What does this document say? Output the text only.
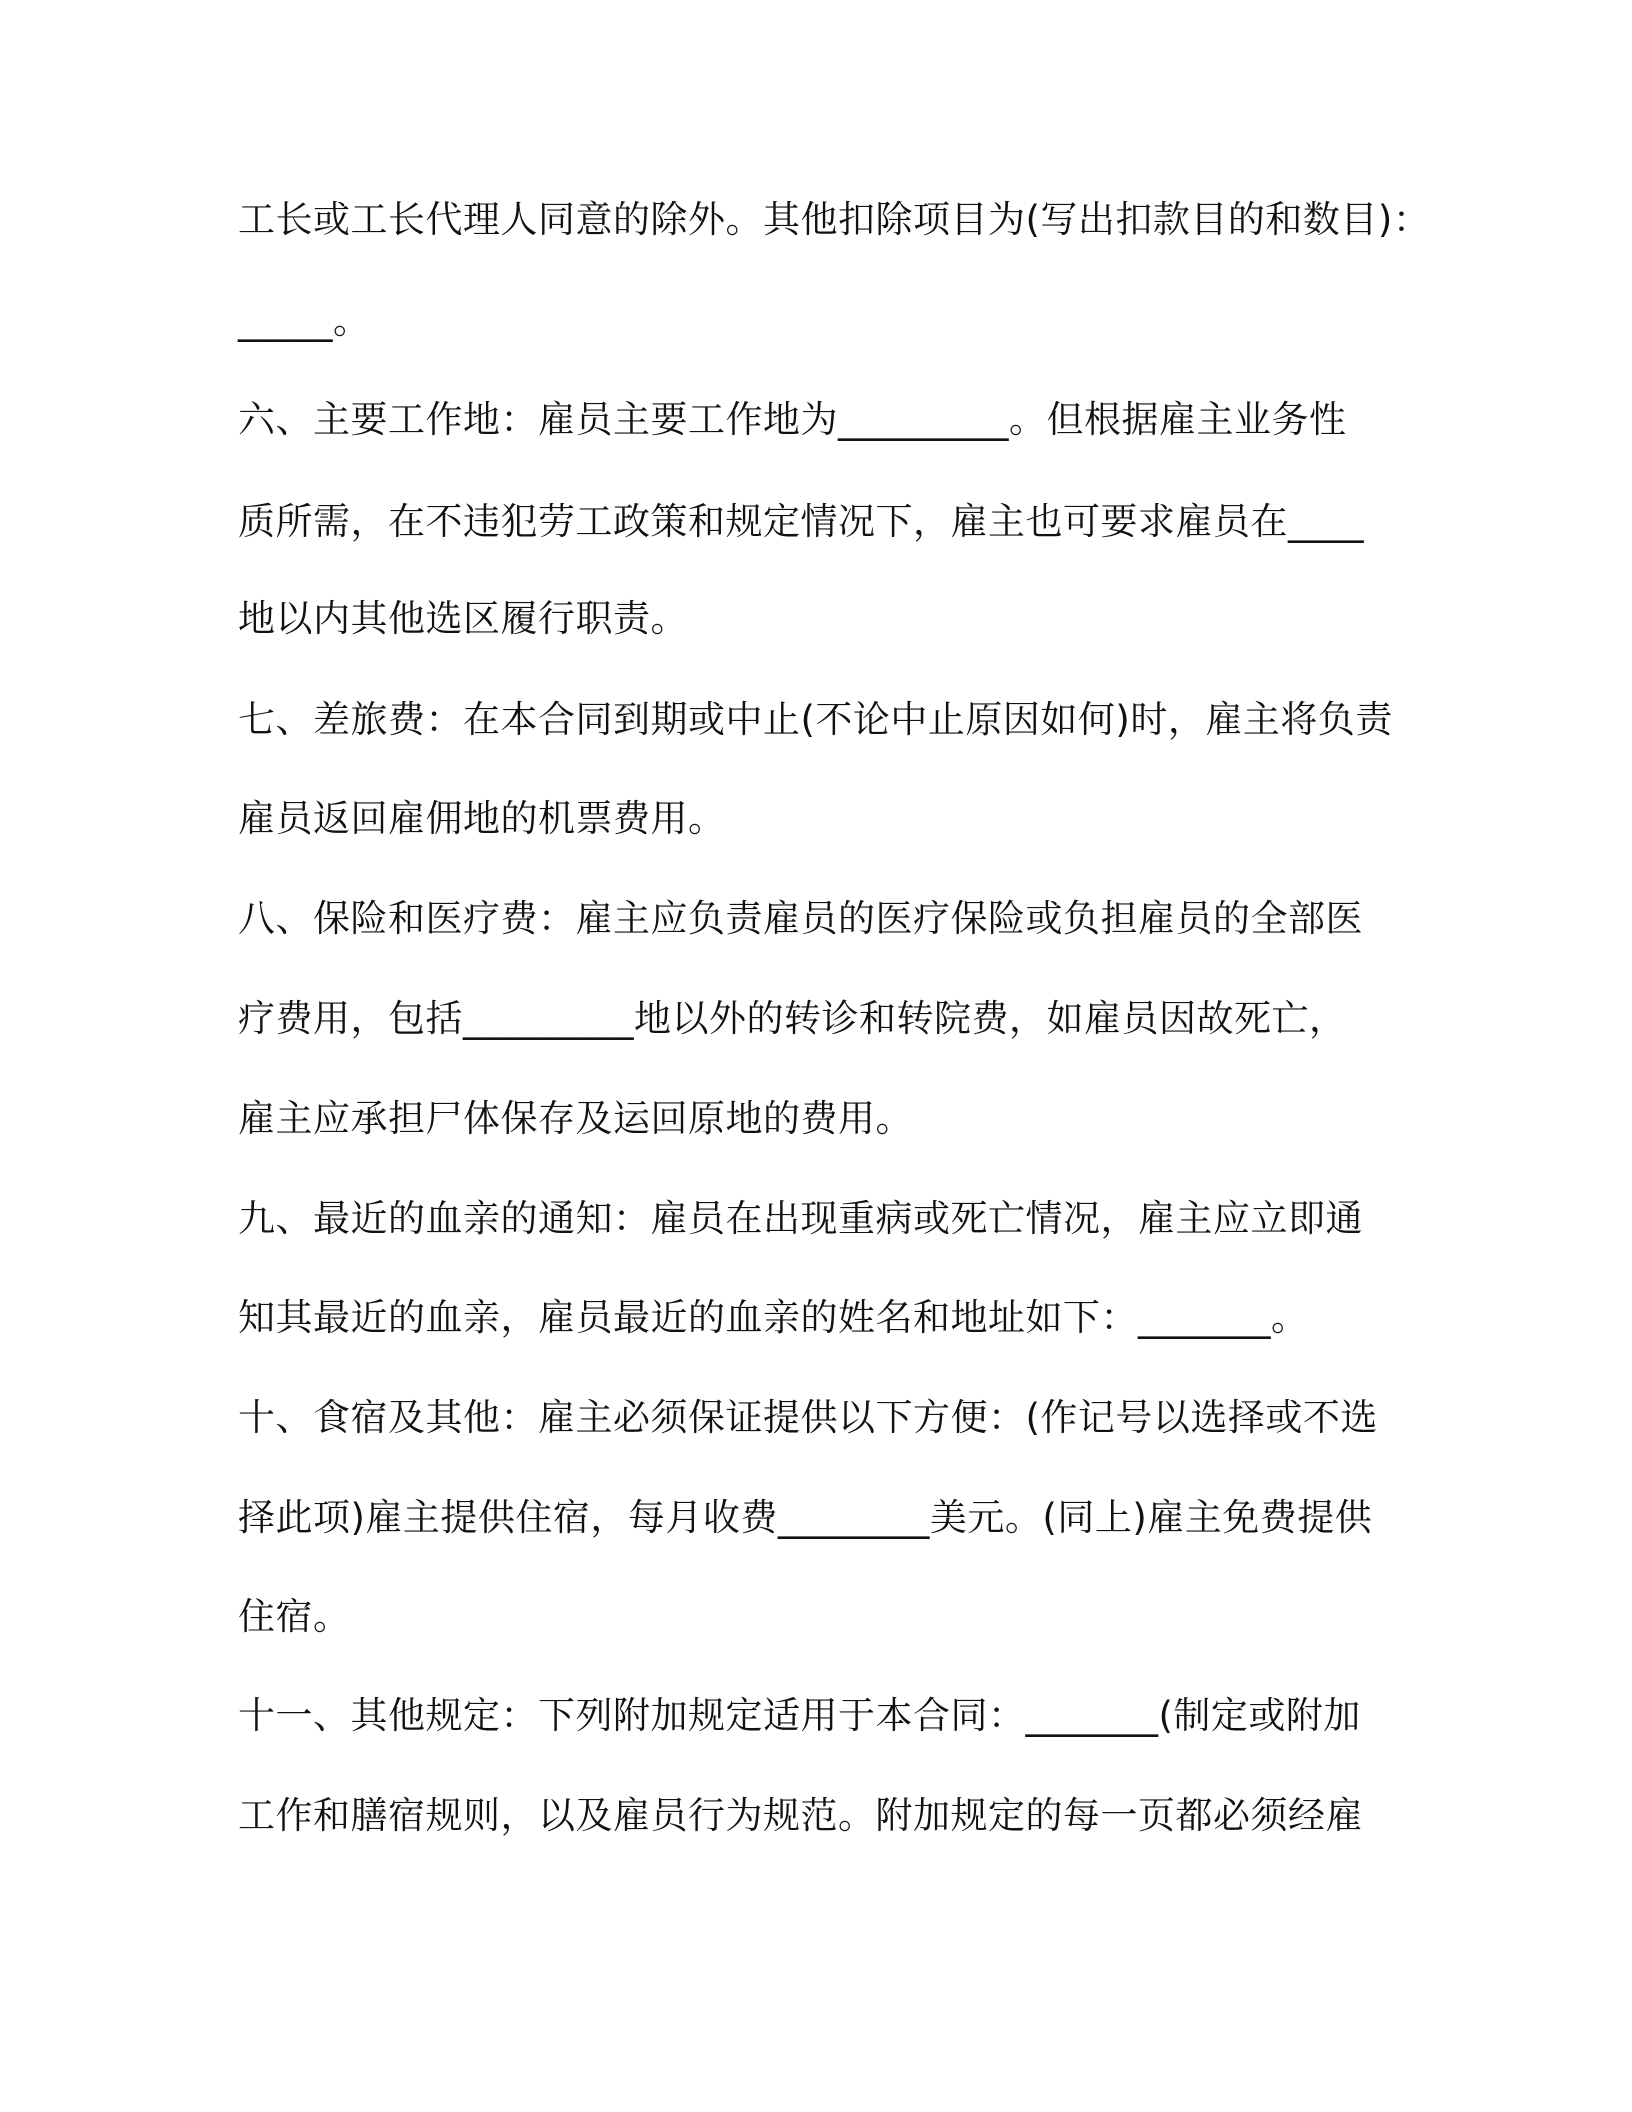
工长或工长代理人同意的除外。其他扣除项目为(写出扣款目的和数目)：

_____。

六、主要工作地：雇员主要工作地为_________。但根据雇主业务性

质所需，在不违犯劳工政策和规定情况下，雇主也可要求雇员在____

地以内其他选区履行职责。

七、差旅费：在本合同到期或中止(不论中止原因如何)时，雇主将负责

雇员返回雇佣地的机票费用。

八、保险和医疗费：雇主应负责雇员的医疗保险或负担雇员的全部医

疗费用，包括_________地以外的转诊和转院费，如雇员因故死亡，

雇主应承担尸体保存及运回原地的费用。

九、最近的血亲的通知：雇员在出现重病或死亡情况，雇主应立即通

知其最近的血亲，雇员最近的血亲的姓名和地址如下：_______。

十、食宿及其他：雇主必须保证提供以下方便：(作记号以选择或不选

择此项)雇主提供住宿，每月收费________美元。(同上)雇主免费提供

住宿。

十一、其他规定：下列附加规定适用于本合同：_______(制定或附加

工作和膳宿规则，以及雇员行为规范。附加规定的每一页都必须经雇
